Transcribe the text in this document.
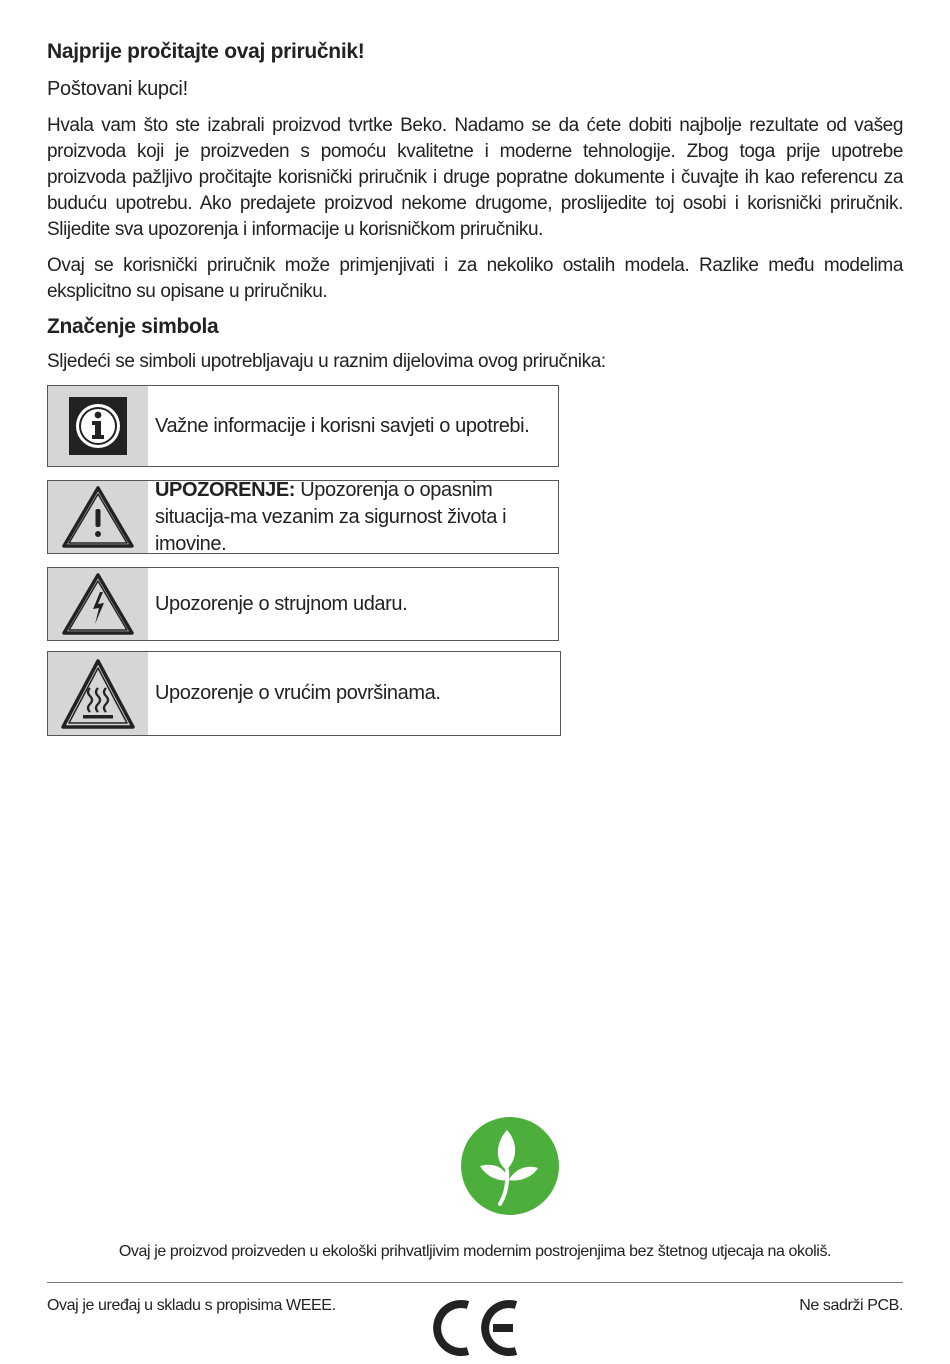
Najprije pročitajte ovaj priručnik!
Poštovani kupci!
Hvala vam što ste izabrali proizvod tvrtke Beko. Nadamo se da ćete dobiti najbolje rezultate od vašeg proizvoda koji je proizveden s pomoću kvalitetne i moderne tehnologije. Zbog toga prije upotrebe proizvoda pažljivo pročitajte korisnički priručnik i druge popratne dokumente i čuvajte ih kao referencu za buduću upotrebu. Ako predajete proizvod nekome drugome, proslijedite toj osobi i korisnički priručnik. Slijedite sva upozorenja i informacije u korisničkom priručniku.
Ovaj se korisnički priručnik može primjenjivati i za nekoliko ostalih modela. Razlike među modelima eksplicitno su opisane u priručniku.
Značenje simbola
Sljedeći se simboli upotrebljavaju u raznim dijelovima ovog priručnika:
Važne informacije i korisni savjeti o upotrebi.
UPOZORENJE: Upozorenja o opasnim situacija-ma vezanim za sigurnost života i imovine.
Upozorenje o strujnom udaru.
Upozorenje o vrućim površinama.
Ovaj je proizvod proizveden u ekološki prihvatljivim modernim postrojenjima bez štetnog utjecaja na okoliš.
Ovaj je uređaj u skladu s propisima WEEE.	Ne sadrži PCB.
